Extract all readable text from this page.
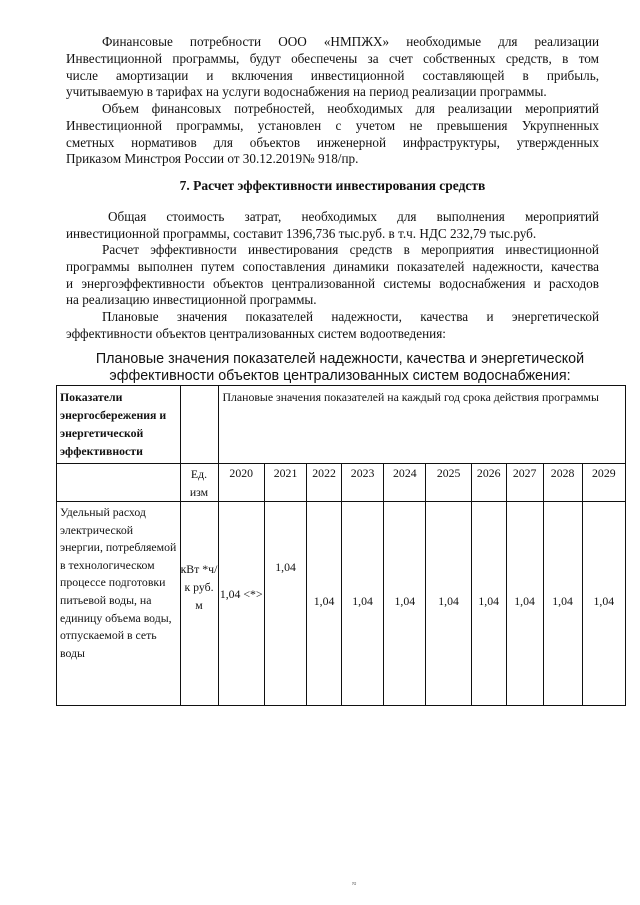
Финансовые потребности ООО «НМПЖХ» необходимые для реализации
Инвестиционной программы, будут обеспечены за счет собственных средств, в том
числе амортизации и включения инвестиционной составляющей в прибыль,
учитываемую в тарифах на услуги водоснабжения на период реализации программы.
Объем финансовых потребностей, необходимых для реализации мероприятий
Инвестиционной программы, установлен с учетом не превышения Укрупненных
сметных нормативов для объектов инженерной инфраструктуры, утвержденных
Приказом Минстроя России от 30.12.2019№ 918/пр.
7. Расчет эффективности инвестирования средств
Общая стоимость затрат, необходимых для выполнения мероприятий
инвестиционной программы, составит 1396,736 тыс.руб. в т.ч. НДС 232,79 тыс.руб.
Расчет эффективности инвестирования средств в мероприятия инвестиционной
программы выполнен путем сопоставления динамики показателей надежности, качества
и энергоэффективности объектов централизованной системы водоснабжения и расходов
на реализацию инвестиционной программы.
Плановые значения показателей надежности, качества и энергетической
эффективности объектов централизованных систем водоотведения:
Плановые значения показателей надежности, качества и энергетической
эффективности объектов централизованных систем водоснабжения:
Показатели энергосбережения и энергетической эффективности		Плановые значения показателей на каждый год срока действия программы									
	Ед. изм	2020	2021	2022	2023	2024	2025	2026	2027	2028	2029
Удельный расход электрической энергии, потребляемой в технологическом процессе подготовки питьевой воды, на единицу объема воды, отпускаемой в сеть воды	кВт *ч/к руб. м	1,04 <*>	1,04	1,04	1,04	1,04	1,04	1,04	1,04	1,04	1,04
≈
